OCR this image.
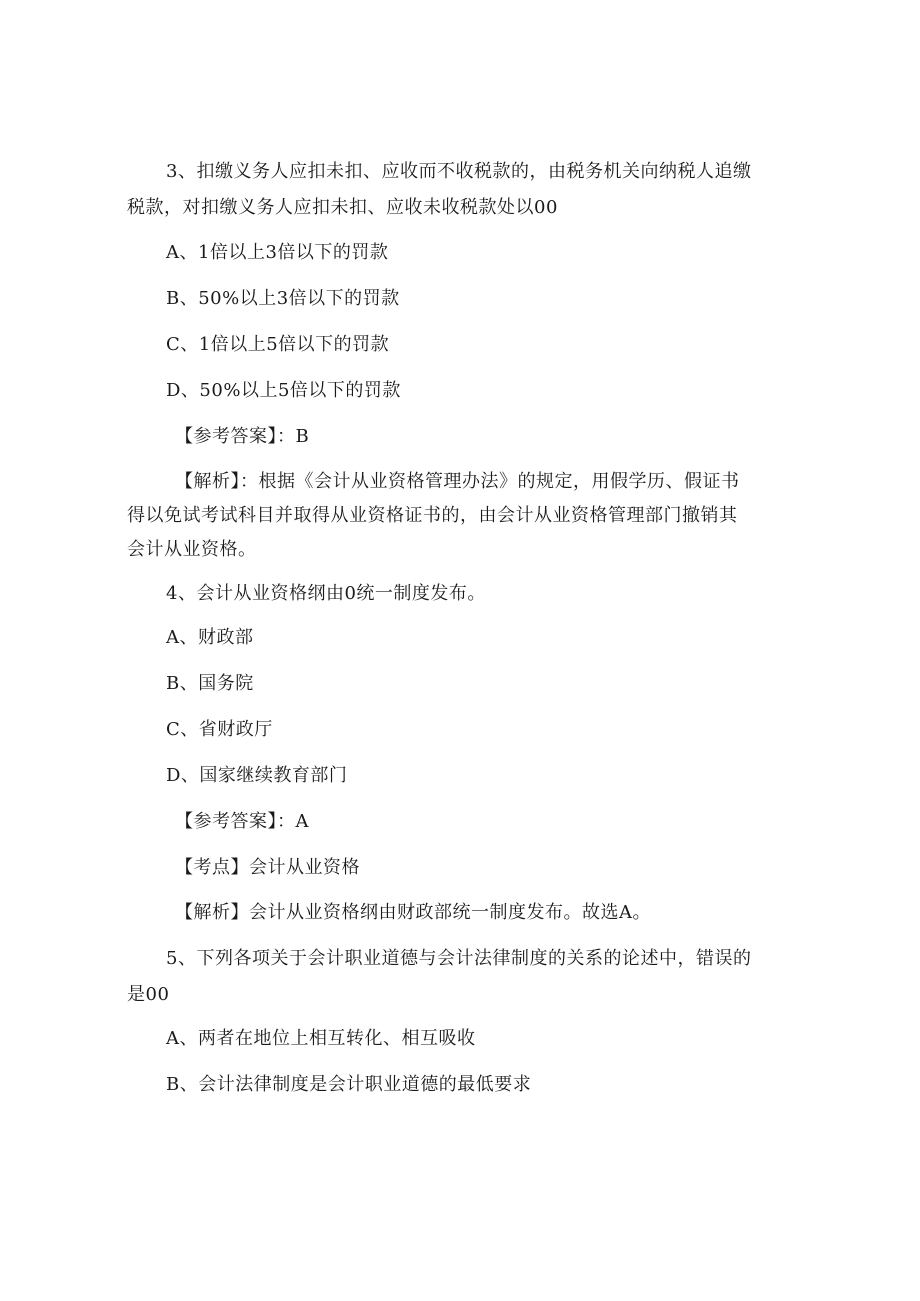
3、扣缴义务人应扣未扣、应收而不收税款的，由税务机关向纳税人追缴
税款，对扣缴义务人应扣未扣、应收未收税款处以00
A、1倍以上3倍以下的罚款
B、50%以上3倍以下的罚款
C、1倍以上5倍以下的罚款
D、50%以上5倍以下的罚款
【参考答案】：B
【解析】：根据《会计从业资格管理办法》的规定，用假学历、假证书
得以免试考试科目并取得从业资格证书的，由会计从业资格管理部门撤销其
会计从业资格。
4、会计从业资格纲由0统一制度发布。
A、财政部
B、国务院
C、省财政厅
D、国家继续教育部门
【参考答案】：A
【考点】会计从业资格
【解析】会计从业资格纲由财政部统一制度发布。故选A。
5、下列各项关于会计职业道德与会计法律制度的关系的论述中，错误的
是00
A、两者在地位上相互转化、相互吸收
B、会计法律制度是会计职业道德的最低要求
